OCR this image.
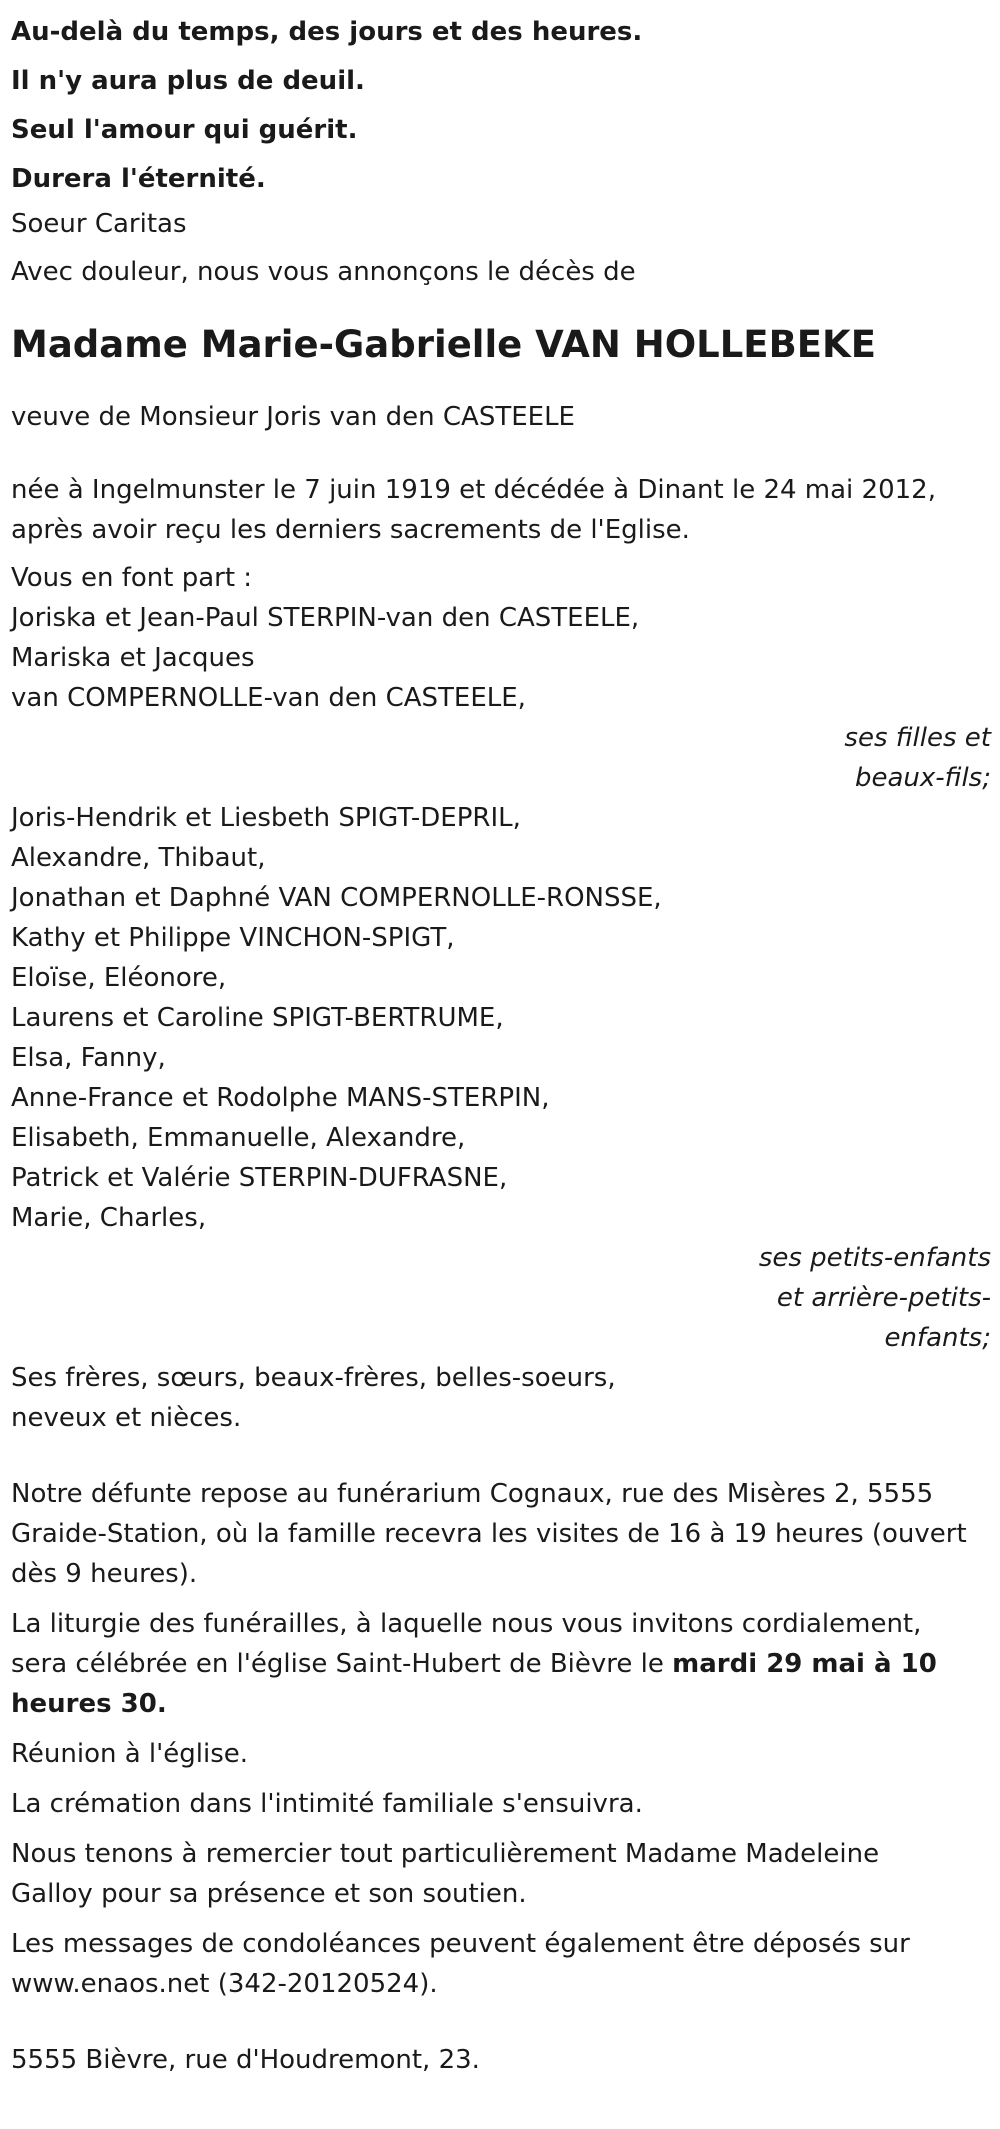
Au-delà du temps, des jours et des heures.
Il n'y aura plus de deuil.
Seul l'amour qui guérit.
Durera l'éternité.
Soeur Caritas
Avec douleur, nous vous annonçons le décès de
Madame Marie-Gabrielle VAN HOLLEBEKE
veuve de Monsieur Joris van den CASTEELE
née à Ingelmunster le 7 juin 1919 et décédée à Dinant le 24 mai 2012,
après avoir reçu les derniers sacrements de l'Eglise.
Vous en font part :
Joriska et Jean-Paul STERPIN-van den CASTEELE,
Mariska et Jacques
van COMPERNOLLE-van den CASTEELE,
ses filles et
beaux-fils;
Joris-Hendrik et Liesbeth SPIGT-DEPRIL,
Alexandre, Thibaut,
Jonathan et Daphné VAN COMPERNOLLE-RONSSE,
Kathy et Philippe VINCHON-SPIGT,
Eloïse, Eléonore,
Laurens et Caroline SPIGT-BERTRUME,
Elsa, Fanny,
Anne-France et Rodolphe MANS-STERPIN,
Elisabeth, Emmanuelle, Alexandre,
Patrick et Valérie STERPIN-DUFRASNE,
Marie, Charles,
ses petits-enfants
et arrière-petits-
enfants;
Ses frères, sœurs, beaux-frères, belles-soeurs,
neveux et nièces.
Notre défunte repose au funérarium Cognaux, rue des Misères 2, 5555
Graide-Station, où la famille recevra les visites de 16 à 19 heures (ouvert
dès 9 heures).
La liturgie des funérailles, à laquelle nous vous invitons cordialement,
sera célébrée en l'église Saint-Hubert de Bièvre le mardi 29 mai à 10
heures 30.
Réunion à l'église.
La crémation dans l'intimité familiale s'ensuivra.
Nous tenons à remercier tout particulièrement Madame Madeleine
Galloy pour sa présence et son soutien.
Les messages de condoléances peuvent également être déposés sur
www.enaos.net (342-20120524).
5555 Bièvre, rue d'Houdremont, 23.
